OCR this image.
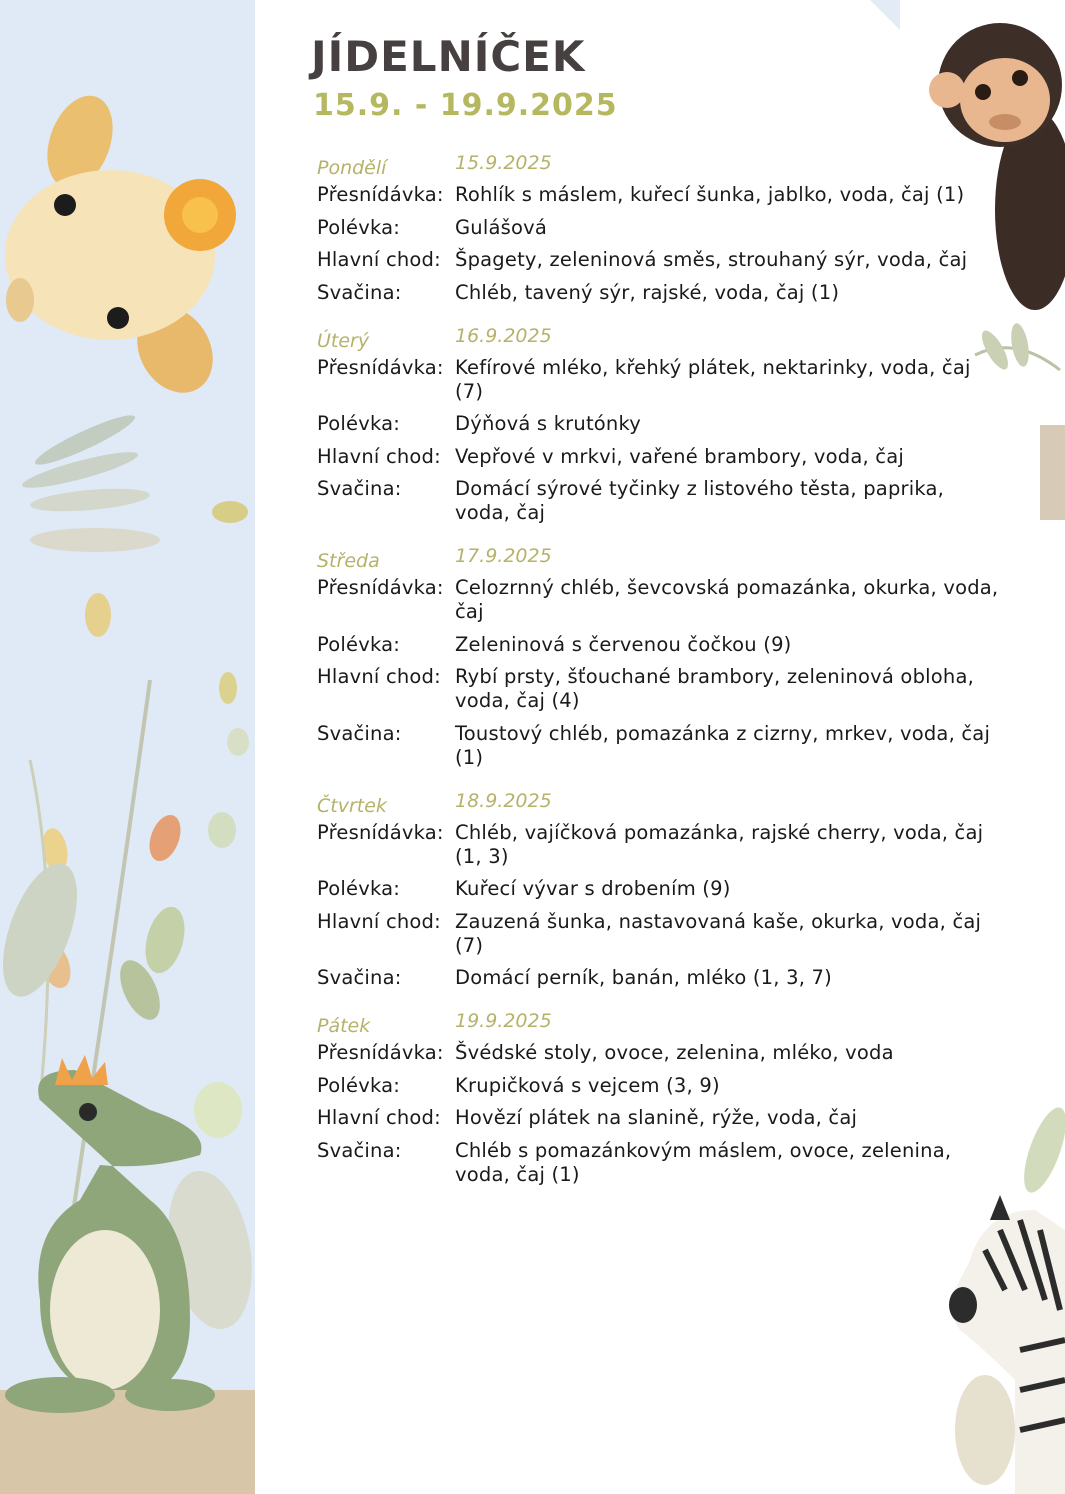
JÍDELNÍČEK
15.9. - 19.9.2025
Pondělí	15.9.2025
Přesnídávka: Rohlík s máslem, kuřecí šunka, jablko, voda, čaj (1)
Polévka:	Gulášová
Hlavní chod: Špagety, zeleninová směs, strouhaný sýr, voda, čaj
Svačina:	Chléb, tavený sýr, rajské, voda, čaj (1)
Úterý	16.9.2025
Přesnídávka: Kefírové mléko, křehký plátek, nektarinky, voda, čaj (7)
Polévka:	Dýňová s krutónky
Hlavní chod: Vepřové v mrkvi, vařené brambory, voda, čaj
Svačina:	Domácí sýrové tyčinky z listového těsta, paprika, voda, čaj
Středa	17.9.2025
Přesnídávka: Celozrnný chléb, ševcovská pomazánka, okurka, voda, čaj
Polévka:	Zeleninová s červenou čočkou (9)
Hlavní chod: Rybí prsty, šťouchané brambory, zeleninová obloha, voda, čaj (4)
Svačina:	Toustový chléb, pomazánka z cizrny, mrkev, voda, čaj (1)
Čtvrtek	18.9.2025
Přesnídávka: Chléb, vajíčková pomazánka, rajské cherry, voda, čaj (1, 3)
Polévka:	Kuřecí vývar s drobením (9)
Hlavní chod: Zauzená šunka, nastavovaná kaše, okurka, voda, čaj (7)
Svačina:	Domácí perník, banán, mléko (1, 3, 7)
Pátek	19.9.2025
Přesnídávka: Švédské stoly, ovoce, zelenina, mléko, voda
Polévka:	Krupičková s vejcem (3, 9)
Hlavní chod: Hovězí plátek na slanině, rýže, voda, čaj
Svačina:	Chléb s pomazánkovým máslem, ovoce, zelenina, voda, čaj (1)
